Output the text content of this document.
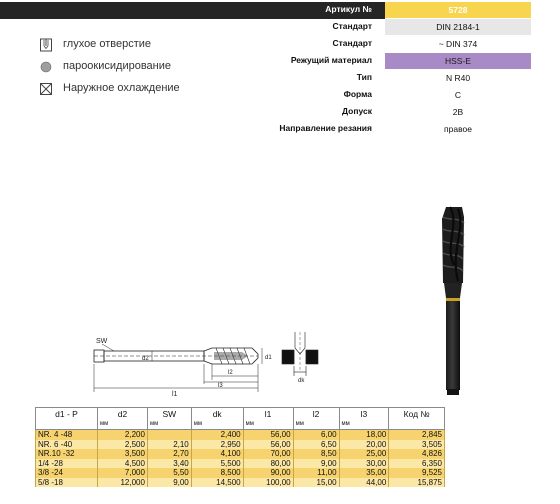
Артикул №	5728
Стандарт	DIN 2184-1
Стандарт	~ DIN 374
Режущий материал	HSS-E
Тип	N R40
Форма	C
Допуск	2B
Направление резания	правое
глухое отверстие
пароокисидирование
Наружное охлаждение
SW
d2	d1
l1
l2
l3
dk
d1 - P	d2	SW	dk	l1	l2	l3	Код №
	мм	мм	мм	мм	мм	мм	
NR. 4 -48	2,200		2,400	56,00	6,00	18,00	2,845
NR. 6 -40	2,500	2,10	2,950	56,00	6,50	20,00	3,505
NR.10 -32	3,500	2,70	4,100	70,00	8,50	25,00	4,826
1/4 -28	4,500	3,40	5,500	80,00	9,00	30,00	6,350
3/8 -24	7,000	5,50	8,500	90,00	11,00	35,00	9,525
5/8 -18	12,000	9,00	14,500	100,00	15,00	44,00	15,875
